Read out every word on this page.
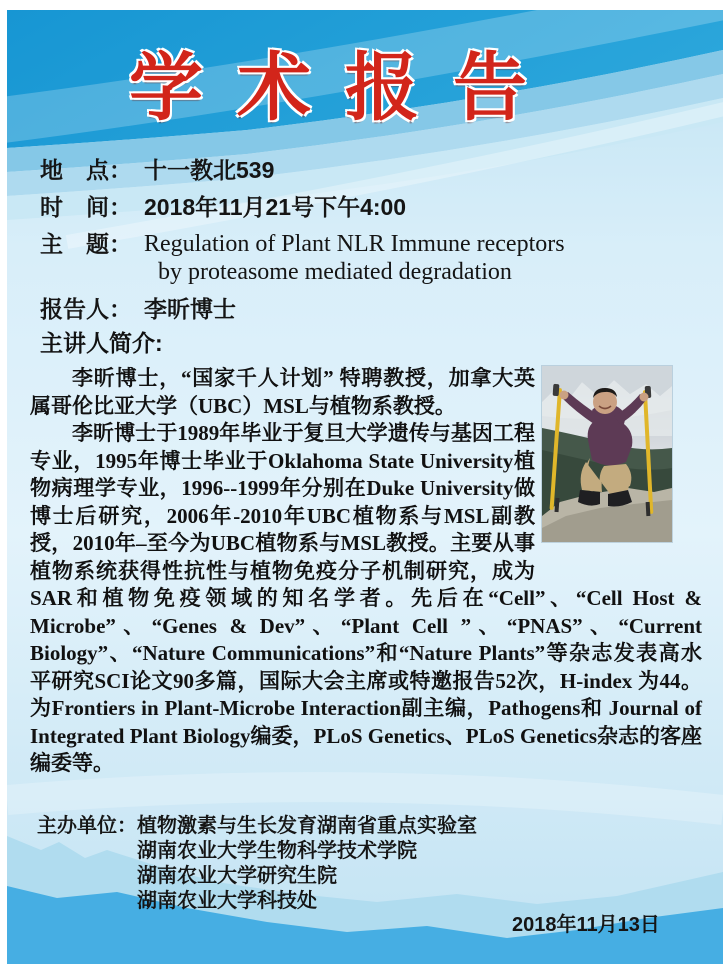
学术报告
地　点： 十一教北539
时　间： 2018年11月21号下午4:00
主　题： Regulation of Plant NLR Immune receptors
by proteasome mediated degradation
报告人： 李昕博士
主讲人简介:

李昕博士，“国家千人计划” 特聘教授，加拿大英属哥伦比亚大学（UBC）MSL与植物系教授。

李昕博士于1989年毕业于复旦大学遗传与基因工程专业，1995年博士毕业于Oklahoma State University植物病理学专业，1996--1999年分别在Duke University做博士后研究，2006年-2010年UBC植物系与MSL副教授，2010年–至今为UBC植物系与MSL教授。主要从事植物系统获得性抗性与植物免疫分子机制研究，成为SAR和植物免疫领域的知名学者。先后在“Cell”、“Cell Host & Microbe”、“Genes & Dev”、“Plant Cell ”、“PNAS”、“Current Biology”、“Nature Communications”和“Nature Plants”等杂志发表高水平研究SCI论文90多篇，国际大会主席或特邀报告52次，H-index 为44。为Frontiers in Plant-Microbe Interaction副主编，Pathogens和 Journal of Integrated Plant Biology编委，PLoS Genetics、PLoS Genetics杂志的客座编委等。

主办单位： 植物激素与生长发育湖南省重点实验室
湖南农业大学生物科学技术学院
湖南农业大学研究生院
湖南农业大学科技处
2018年11月13日
